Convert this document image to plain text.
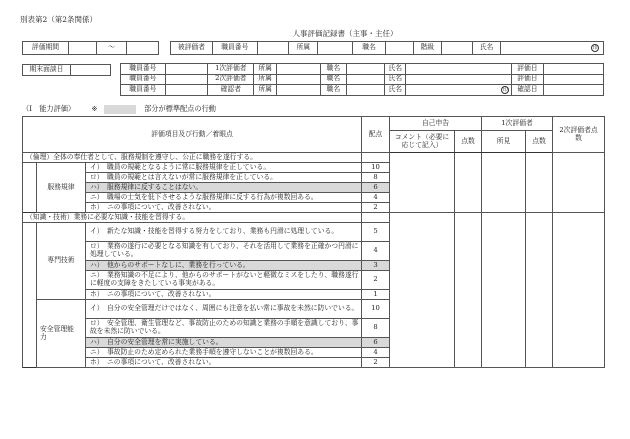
別表第2（第2条関係）
人事評価記録書（主事・主任）
評価期間		～		被評価者	職員番号		所属		職名		階級		氏名	印
期末面談日		職員番号		1次評価者	所属		職名		氏名			評価日	
職員番号		2次評価者	所属		職名		氏名			評価日	
職員番号		確認者	所属		職名		氏名		印	確認日	
（Ⅰ　能力評価） ※	部分が標準配点の行動
評価項目及び行動／着眼点			配点	自己申告		1次評価者		2次評価者点数
				コメント（必要に応じて記入）	点数	所見	点数	
（倫理）全体の奉仕者として、服務規制を遵守し、公正に職務を遂行する。								
	服務規律	イ）　職員の規範となるように常に服務規律を正している。	10					
		ロ）　職員の規範とは言えないが常に服務規律を正している。	8					
		ハ）　服務規律に反することはない。	6					
		ニ）　職場の士気を低下させるような服務規律に反する行為が複数回ある。	4					
		ホ）　ニの事項について、改善されない。	2					
（知識・技術）業務に必要な知識・技能を習得する。								
	専門技術	イ）　新たな知識・技能を習得する努力をしており、業務も円滑に処理している。	5					
		ロ）　業務の遂行に必要となる知識を有しており、それを活用して業務を正確かつ円滑に処理している。	4					
		ハ）　他からのサポートなしに、業務を行っている。	3					
		ニ）　業務知識の不足により、他からのサポートがないと軽微なミスをしたり、職務遂行に軽度の支障をきたしている事実がある。	2					
		ホ）　ニの事項について、改善されない。	1					
	安全管理能力	イ）　自分の安全管理だけではなく、周囲にも注意を払い常に事故を未然に防いでいる。	10					
		ロ）　安全管理、衛生管理など、事故防止のための知識と業務の手順を意識しており、事故を未然に防いでいる。	8					
		ハ）　自分の安全管理を常に実施している。	6					
		ニ）　事故防止のため定められた業務手順を遵守しないことが複数回ある。	4					
		ホ）　ニの事項について、改善されない。	2					
